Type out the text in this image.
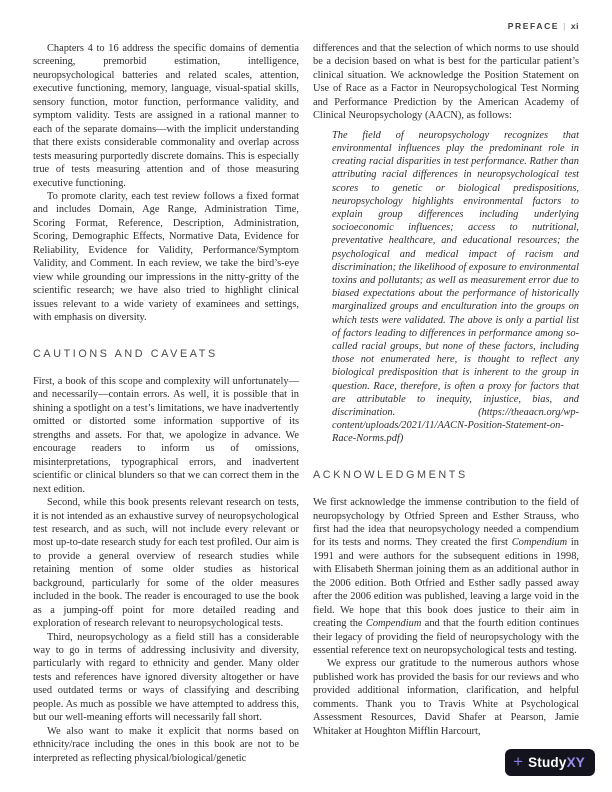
PREFACE | xi

Chapters 4 to 16 address the specific domains of dementia screening, premorbid estimation, intelligence, neuropsychological batteries and related scales, attention, executive functioning, memory, language, visual-spatial skills, sensory function, motor function, performance validity, and symptom validity. Tests are assigned in a rational manner to each of the separate domains—with the implicit understanding that there exists considerable commonality and overlap across tests measuring purportedly discrete domains. This is especially true of tests measuring attention and of those measuring executive functioning.

To promote clarity, each test review follows a fixed format and includes Domain, Age Range, Administration Time, Scoring Format, Reference, Description, Administration, Scoring, Demographic Effects, Normative Data, Evidence for Reliability, Evidence for Validity, Performance/Symptom Validity, and Comment. In each review, we take the bird’s-eye view while grounding our impressions in the nitty-gritty of the scientific research; we have also tried to highlight clinical issues relevant to a wide variety of examinees and settings, with emphasis on diversity.

CAUTIONS AND CAVEATS

First, a book of this scope and complexity will unfortunately—and necessarily—contain errors. As well, it is possible that in shining a spotlight on a test’s limitations, we have inadvertently omitted or distorted some information supportive of its strengths and assets. For that, we apologize in advance. We encourage readers to inform us of omissions, misinterpretations, typographical errors, and inadvertent scientific or clinical blunders so that we can correct them in the next edition.

Second, while this book presents relevant research on tests, it is not intended as an exhaustive survey of neuropsychological test research, and as such, will not include every relevant or most up-to-date research study for each test profiled. Our aim is to provide a general overview of research studies while retaining mention of some older studies as historical background, particularly for some of the older measures included in the book. The reader is encouraged to use the book as a jumping-off point for more detailed reading and exploration of research relevant to neuropsychological tests.

Third, neuropsychology as a field still has a considerable way to go in terms of addressing inclusivity and diversity, particularly with regard to ethnicity and gender. Many older tests and references have ignored diversity altogether or have used outdated terms or ways of classifying and describing people. As much as possible we have attempted to address this, but our well-meaning efforts will necessarily fall short.

We also want to make it explicit that norms based on ethnicity/race including the ones in this book are not to be interpreted as reflecting physical/biological/genetic

differences and that the selection of which norms to use should be a decision based on what is best for the particular patient’s clinical situation. We acknowledge the Position Statement on Use of Race as a Factor in Neuropsychological Test Norming and Performance Prediction by the American Academy of Clinical Neuropsychology (AACN), as follows:

The field of neuropsychology recognizes that environmental influences play the predominant role in creating racial disparities in test performance. Rather than attributing racial differences in neuropsychological test scores to genetic or biological predispositions, neuropsychology highlights environmental factors to explain group differences including underlying socioeconomic influences; access to nutritional, preventative healthcare, and educational resources; the psychological and medical impact of racism and discrimination; the likelihood of exposure to environmental toxins and pollutants; as well as measurement error due to biased expectations about the performance of historically marginalized groups and enculturation into the groups on which tests were validated. The above is only a partial list of factors leading to differences in performance among so-called racial groups, but none of these factors, including those not enumerated here, is thought to reflect any biological predisposition that is inherent to the group in question. Race, therefore, is often a proxy for factors that are attributable to inequity, injustice, bias, and discrimination. (https://theaacn.org/wp-content/uploads/2021/11/AACN-Position-Statement-on-Race-Norms.pdf)
ACKNOWLEDGMENTS

We first acknowledge the immense contribution to the field of neuropsychology by Otfried Spreen and Esther Strauss, who first had the idea that neuropsychology needed a compendium for its tests and norms. They created the first Compendium in 1991 and were authors for the subsequent editions in 1998, with Elisabeth Sherman joining them as an additional author in the 2006 edition. Both Otfried and Esther sadly passed away after the 2006 edition was published, leaving a large void in the field. We hope that this book does justice to their aim in creating the Compendium and that the fourth edition continues their legacy of providing the field of neuropsychology with the essential reference text on neuropsychological tests and testing.

We express our gratitude to the numerous authors whose published work has provided the basis for our reviews and who provided additional information, clarification, and helpful comments. Thank you to Travis White at Psychological Assessment Resources, David Shafer at Pearson, Jamie Whitaker at Houghton Mifflin Harcourt,

+ Study XY
